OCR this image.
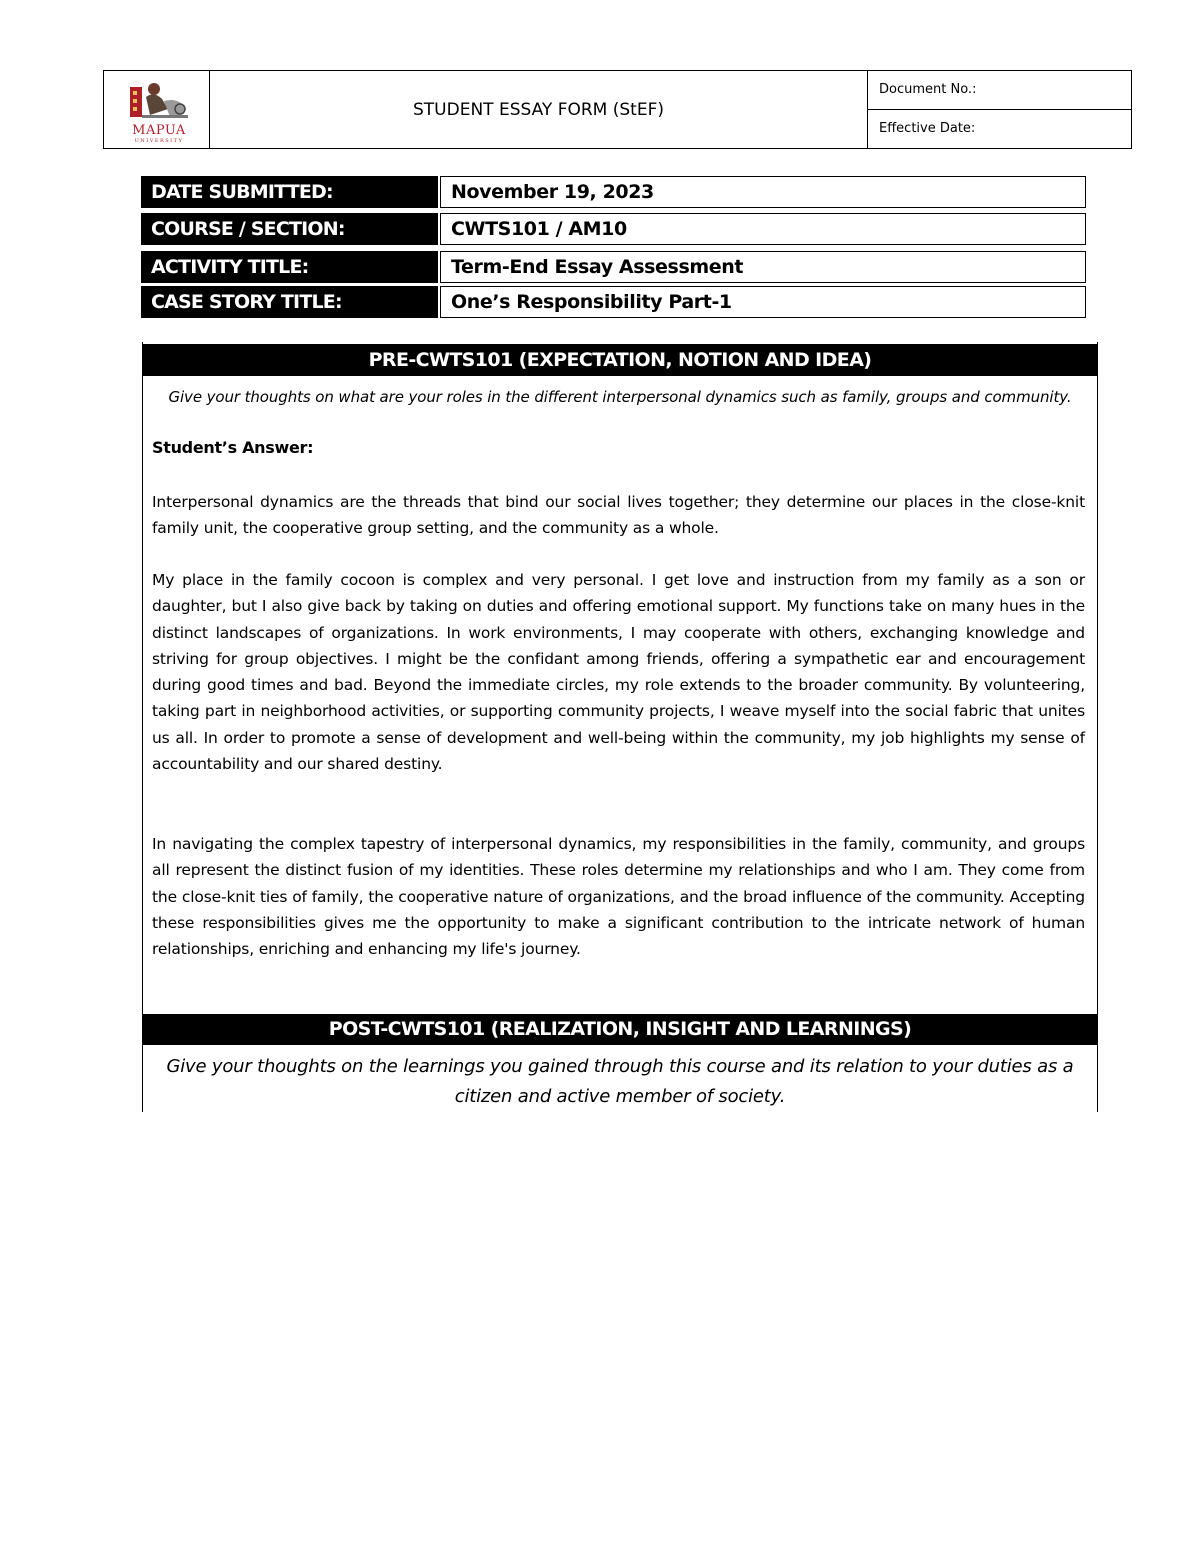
MAPUA
UNIVERSITY
STUDENT ESSAY FORM (StEF)
Document No.:
Effective Date:
DATE SUBMITTED:	November 19, 2023
COURSE / SECTION:	CWTS101 / AM10
ACTIVITY TITLE:	Term-End Essay Assessment
CASE STORY TITLE:	One’s Responsibility Part-1
PRE-CWTS101 (EXPECTATION, NOTION AND IDEA)
Give your thoughts on what are your roles in the different interpersonal dynamics such as family, groups and community.
Student’s Answer:
Interpersonal dynamics are the threads that bind our social lives together; they determine our places in the close-knit family unit, the cooperative group setting, and the community as a whole.
My place in the family cocoon is complex and very personal. I get love and instruction from my family as a son or daughter, but I also give back by taking on duties and offering emotional support. My functions take on many hues in the distinct landscapes of organizations. In work environments, I may cooperate with others, exchanging knowledge and striving for group objectives. I might be the confidant among friends, offering a sympathetic ear and encouragement during good times and bad. Beyond the immediate circles, my role extends to the broader community. By volunteering, taking part in neighborhood activities, or supporting community projects, I weave myself into the social fabric that unites us all. In order to promote a sense of development and well-being within the community, my job highlights my sense of accountability and our shared destiny.
In navigating the complex tapestry of interpersonal dynamics, my responsibilities in the family, community, and groups all represent the distinct fusion of my identities. These roles determine my relationships and who I am. They come from the close-knit ties of family, the cooperative nature of organizations, and the broad influence of the community. Accepting these responsibilities gives me the opportunity to make a significant contribution to the intricate network of human relationships, enriching and enhancing my life's journey.
POST-CWTS101 (REALIZATION, INSIGHT AND LEARNINGS)
Give your thoughts on the learnings you gained through this course and its relation to your duties as a citizen and active member of society.
